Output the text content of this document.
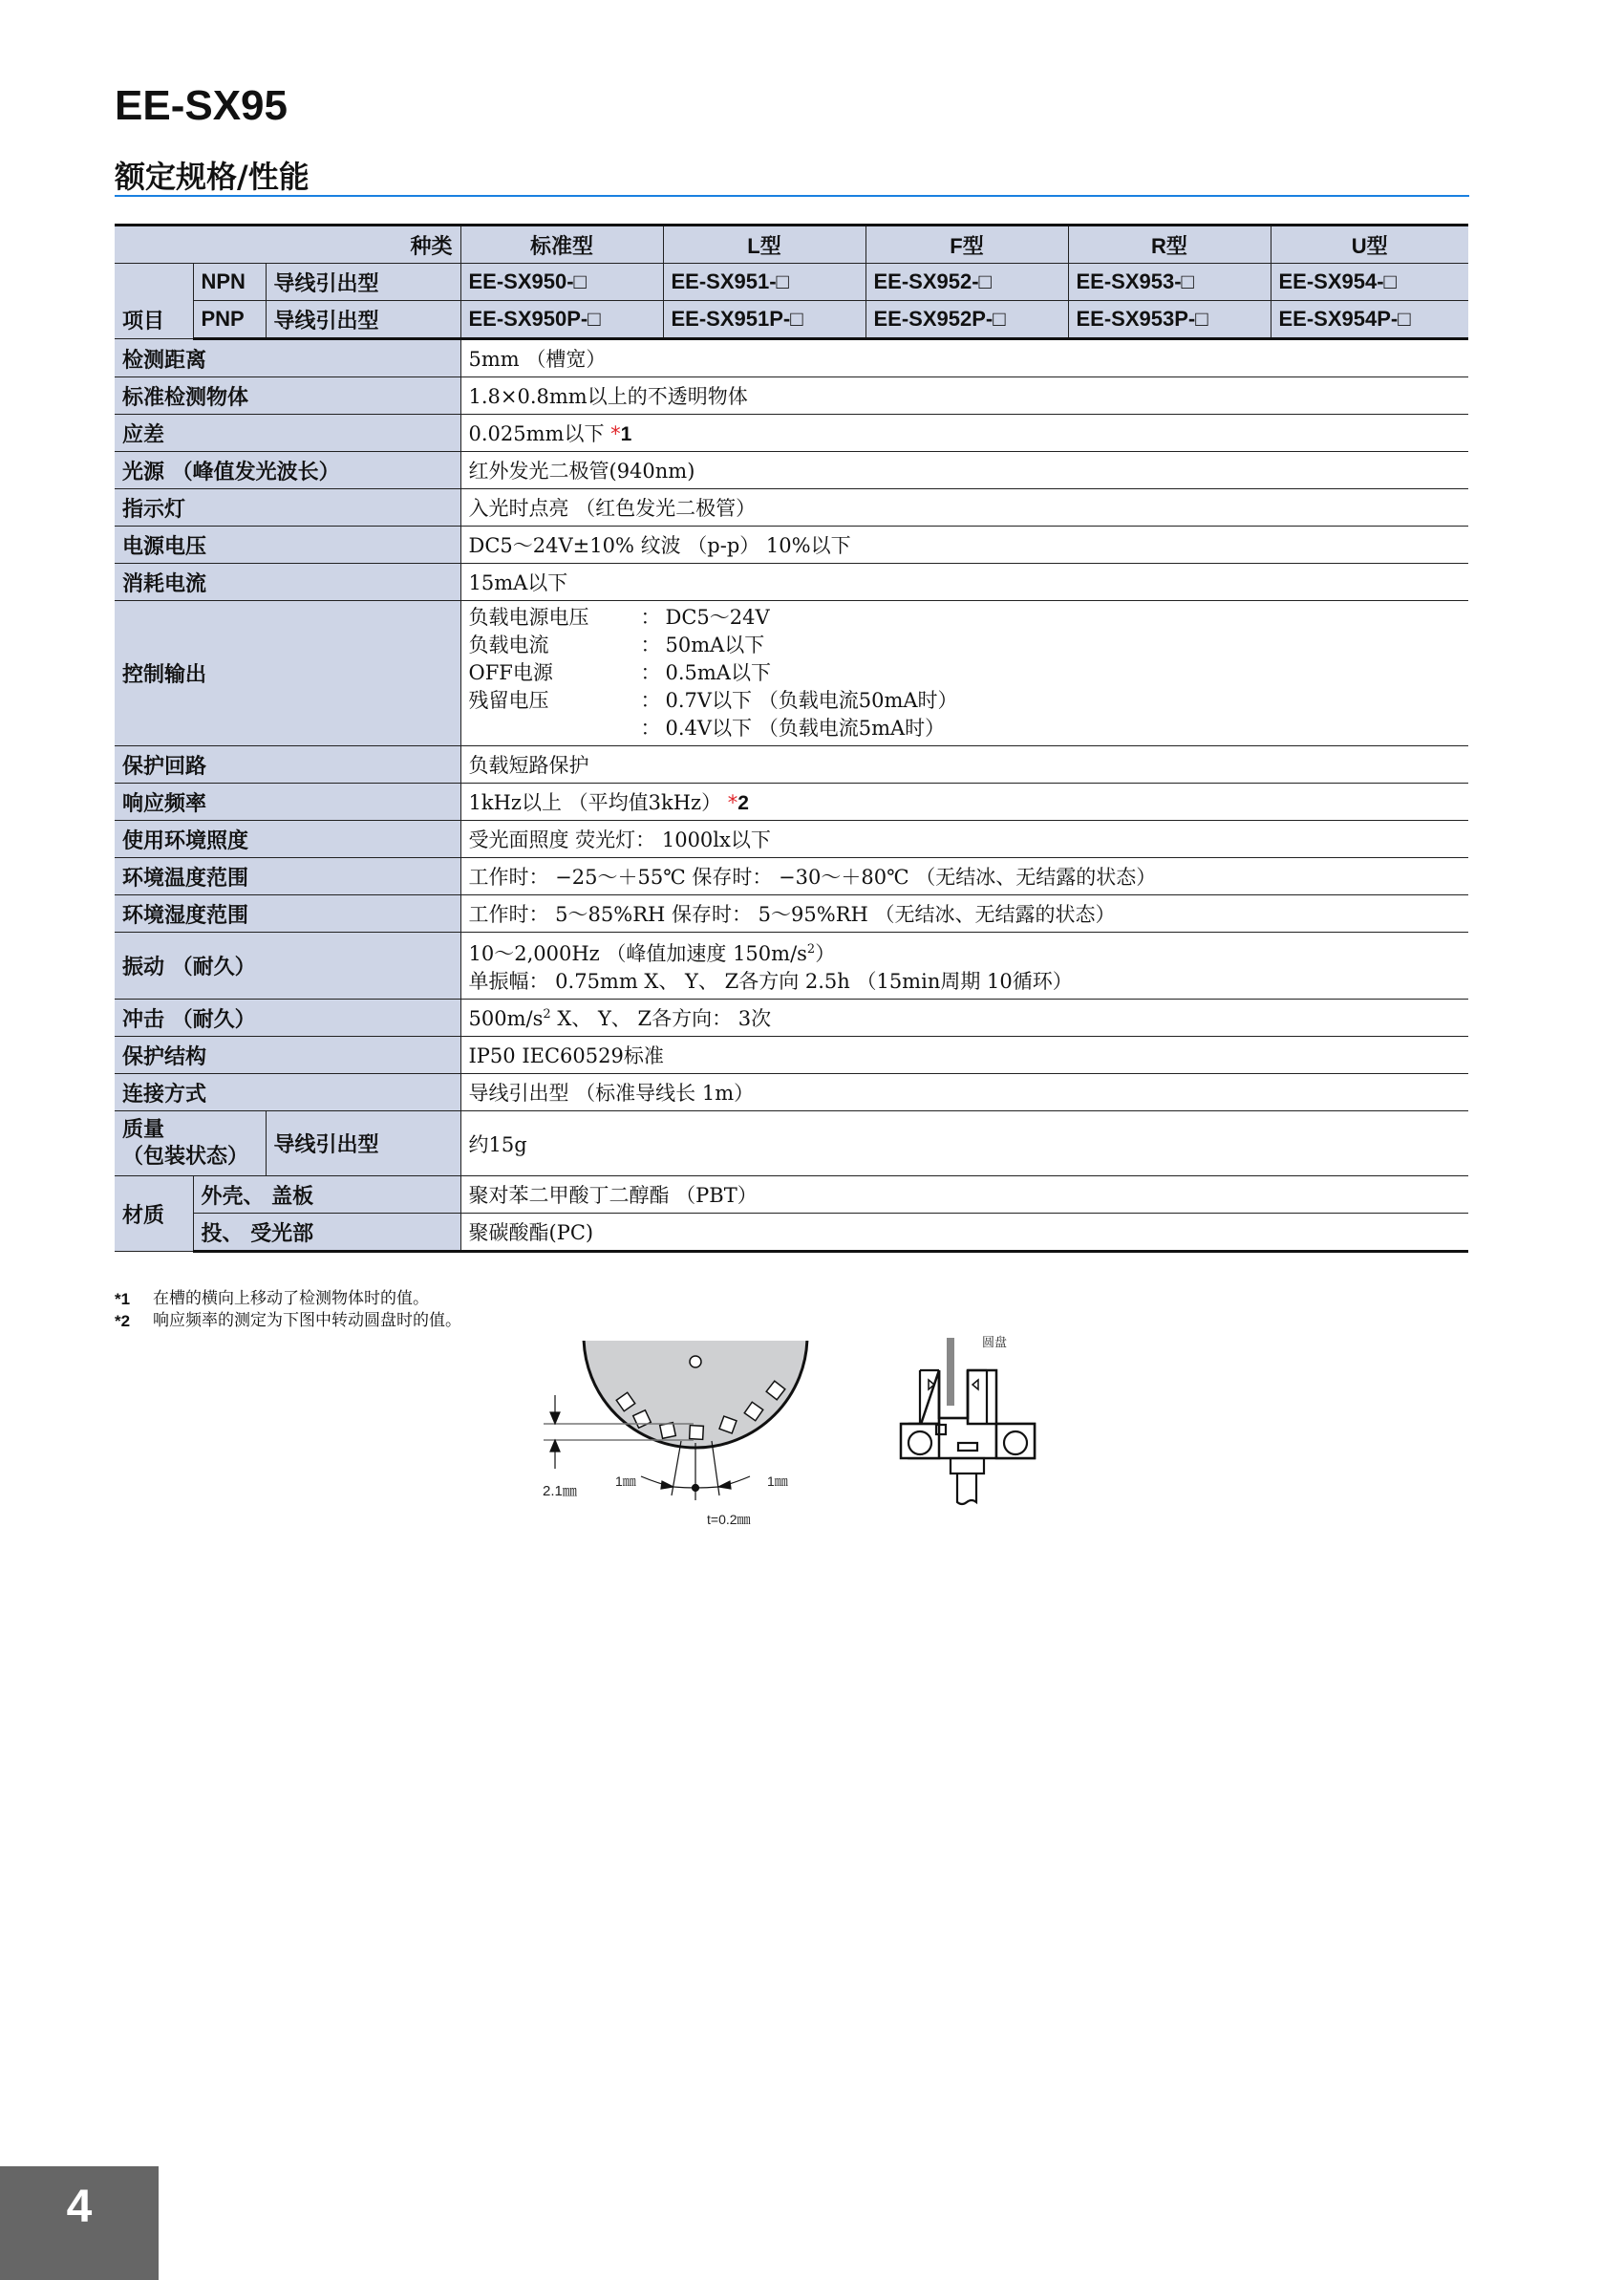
EE-SX95
额定规格/性能
种类			标准型	L型	F型	R型	U型
项目	NPN	导线引出型	EE-SX950-□	EE-SX951-□	EE-SX952-□	EE-SX953-□	EE-SX954-□
	PNP	导线引出型	EE-SX950P-□	EE-SX951P-□	EE-SX952P-□	EE-SX953P-□	EE-SX954P-□
检测距离			5mm （槽宽）				
标准检测物体			1.8×0.8mm以上的不透明物体				
应差			0.025mm以下 *1				
光源 （峰值发光波长）			红外发光二极管(940nm)				
指示灯			入光时点亮 （红色发光二极管）				
电源电压			DC5～24V±10% 纹波 （p-p） 10%以下				
消耗电流			15mA以下				
控制输出	
负载电源电压	： DC5～24V
负载电流	： 50mA以下
OFF电源	： 0.5mA以下
残留电压	： 0.7V以下 （负载电流50mA时）
： 0.4V以下 （负载电流5mA时）

保护回路			负载短路保护				
响应频率			1kHz以上 （平均值3kHz） *2				
使用环境照度			受光面照度 荧光灯： 1000lx以下				
环境温度范围			工作时： −25～＋55℃ 保存时： −30～＋80℃ （无结冰、无结露的状态）				
环境湿度范围			工作时： 5～85%RH 保存时： 5～95%RH （无结冰、无结露的状态）				
振动 （耐久）			10～2,000Hz （峰值加速度 $150m/s^2$）
单振幅： 0.75mm X、 Y、 Z各方向 2.5h （15min周期 10循环）				

冲击 （耐久）			$500m/s^2$ X、 Y、 Z各方向： 3次				
保护结构			IP50 IEC60529标准				
连接方式			导线引出型 （标准导线长 1m）				

质量
（包装状态）		导线引出型	约15g				
材质	外壳、 盖板		聚对苯二甲酸丁二醇酯 （PBT）				
	投、 受光部		聚碳酸酯(PC)				
*1	在槽的横向上移动了检测物体时的值。
*2	响应频率的测定为下图中转动圆盘时的值。
2.1㎜
1㎜	1㎜
t=0.2㎜
圆盘
4
